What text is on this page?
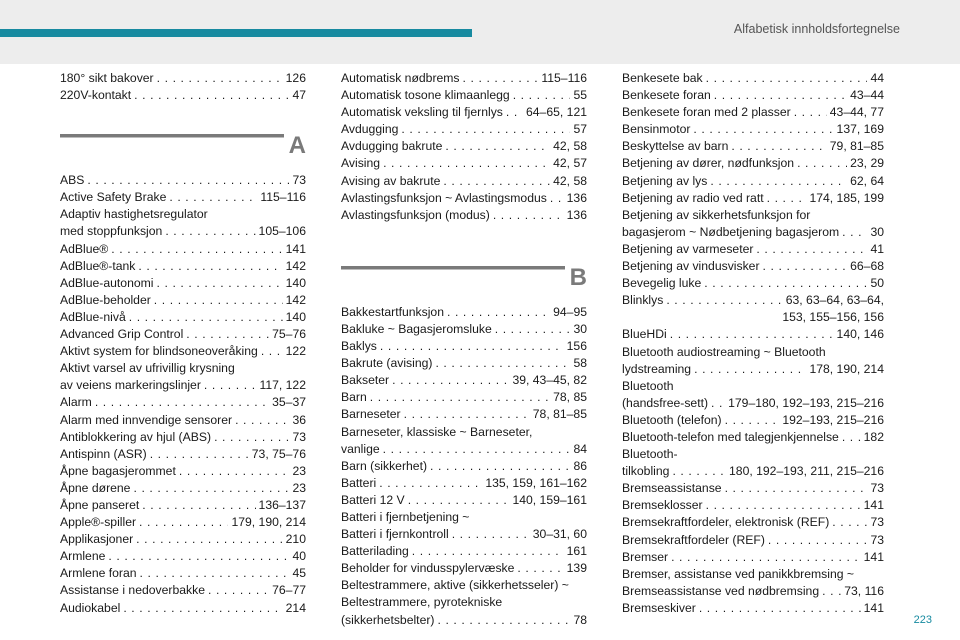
Alfabetisk innholdsfortegnelse
180° sikt bakover . . .	126
220V-kontakt . . .	47
A
ABS . . .	73
Active Safety Brake . . .	115–116
Adaptiv hastighetsregulator
med stoppfunksjon . . .	105–106
AdBlue® . . .	141
AdBlue®-tank . . .	142
AdBlue-autonomi . . .	140
AdBlue-beholder . . .	142
AdBlue-nivå . . .	140
Advanced Grip Control . . .	75–76
Aktivt system for blindsoneoveråking . . . 122
Aktivt varsel av ufrivillig krysning
av veiens markeringslinjer . . .	117, 122
Alarm . . .	35–37
Alarm med innvendige sensorer . . .	36
Antiblokkering av hjul (ABS) . . .	73
Antispinn (ASR) . . .	73, 75–76
Åpne bagasjerommet . . .	23
Åpne dørene . . .	23
Åpne panseret . . .	136–137
Apple®-spiller . . .	179, 190, 214
Applikasjoner . . .	210
Armlene . . .	40
Armlene foran . . .	45
Assistanse i nedoverbakke . . .	76–77
Audiokabel . . .	214
Automatisk nødbrems . . .	115–116
Automatisk tosone klimaanlegg . . .	55
Automatisk veksling til fjernlys . . . 64–65, 121
Avdugging . . .	57
Avdugging bakrute . . .	42, 58
Avising . . .	42, 57
Avising av bakrute . . .	42, 58
Avlastingsfunksjon ~ Avlastingsmodus . . . 136
Avlastingsfunksjon (modus) . . .	136
B
Bakkestartfunksjon . . .	94–95
Bakluke ~ Bagasjeromsluke . . .	30
Baklys . . .	156
Bakrute (avising) . . .	58
Bakseter . . .	39, 43–45, 82
Barn . . .	78, 85
Barneseter . . .	78, 81–85
Barneseter, klassiske ~ Barneseter,
vanlige . . .	84
Barn (sikkerhet) . . .	86
Batteri . . .	135, 159, 161–162
Batteri 12 V . . .	140, 159–161
Batteri i fjernbetjening ~
Batteri i fjernkontroll . . .	30–31, 60
Batterilading . . .	161
Beholder for vindusspylervæske . . .	139
Beltestrammere, aktive (sikkerhetsseler) ~
Beltestrammere, pyrotekniske
(sikkerhetsbelter) . . .	78
Benkesete bak . . .	44
Benkesete foran . . .	43–44
Benkesete foran med 2 plasser . . .	43–44, 77
Bensinmotor . . .	137, 169
Beskyttelse av barn . . .	79, 81–85
Betjening av dører, nødfunksjon . . .	23, 29
Betjening av lys . . .	62, 64
Betjening av radio ved ratt . . .	174, 185, 199
Betjening av sikkerhetsfunksjon for
bagasjerom ~ Nødbetjening bagasjerom . . .	30
Betjening av varmeseter . . .	41
Betjening av vindusvisker . . .	66–68
Bevegelig luke . . .	50
Blinklys . . .	63, 63–64, 63–64,
153, 155–156, 156
BlueHDi . . .	140, 146
Bluetooth audiostreaming ~ Bluetooth
lydstreaming . . .	178, 190, 214
Bluetooth
(handsfree-sett) . . . 179–180, 192–193, 215–216
Bluetooth (telefon) . . .	192–193, 215–216
Bluetooth-telefon med talegjenkjennelse . . . 182
Bluetooth-
tilkobling . . .	180, 192–193, 211, 215–216
Bremseassistanse . . .	73
Bremseklosser . . .	141
Bremsekraftfordeler, elektronisk (REF) . . .	73
Bremsekraftfordeler (REF) . . .	73
Bremser . . .	141
Bremser, assistanse ved panikkbremsing ~
Bremseassistanse ved nødbremsing . . . 73, 116
Bremseskiver . . .	141
223
